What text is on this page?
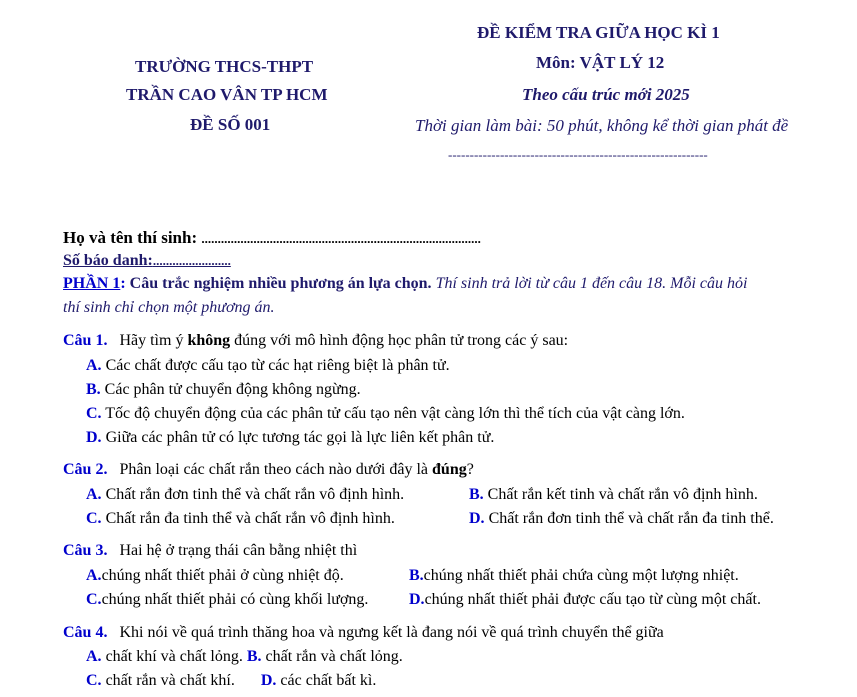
TRƯỜNG THCS-THPT
TRẦN CAO VÂN TP HCM
ĐỀ SỐ 001
ĐỀ KIỂM TRA GIỮA HỌC KÌ 1
Môn: VẬT LÝ 12
Theo cấu trúc mới 2025
Thời gian làm bài: 50 phút, không kể thời gian phát đề
------------------------------------------------------------
Họ và tên thí sinh: ......................................................................................
Số báo danh:........................
PHẦN 1: Câu trắc nghiệm nhiều phương án lựa chọn. Thí sinh trả lời từ câu 1 đến câu 18. Mỗi câu hỏi
thí sinh chỉ chọn một phương án.
Câu 1. Hãy tìm ý không đúng với mô hình động học phân tử trong các ý sau:
A. Các chất được cấu tạo từ các hạt riêng biệt là phân tử.
B. Các phân tử chuyển động không ngừng.
C. Tốc độ chuyển động của các phân tử cấu tạo nên vật càng lớn thì thể tích của vật càng lớn.
D. Giữa các phân tử có lực tương tác gọi là lực liên kết phân tử.
Câu 2. Phân loại các chất rắn theo cách nào dưới đây là đúng?
A. Chất rắn đơn tinh thể và chất rắn vô định hình.	B. Chất rắn kết tinh và chất rắn vô định hình.
C. Chất rắn đa tinh thể và chất rắn vô định hình.	D. Chất rắn đơn tinh thể và chất rắn đa tinh thể.
Câu 3. Hai hệ ở trạng thái cân bằng nhiệt thì
A.chúng nhất thiết phải ở cùng nhiệt độ.	B.chúng nhất thiết phải chứa cùng một lượng nhiệt.
C.chúng nhất thiết phải có cùng khối lượng.	D.chúng nhất thiết phải được cấu tạo từ cùng một chất.
Câu 4. Khi nói về quá trình thăng hoa và ngưng kết là đang nói về quá trình chuyển thể giữa
A. chất khí và chất lỏng. B. chất rắn và chất lỏng.
C. chất rắn và chất khí. D. các chất bất kì.
